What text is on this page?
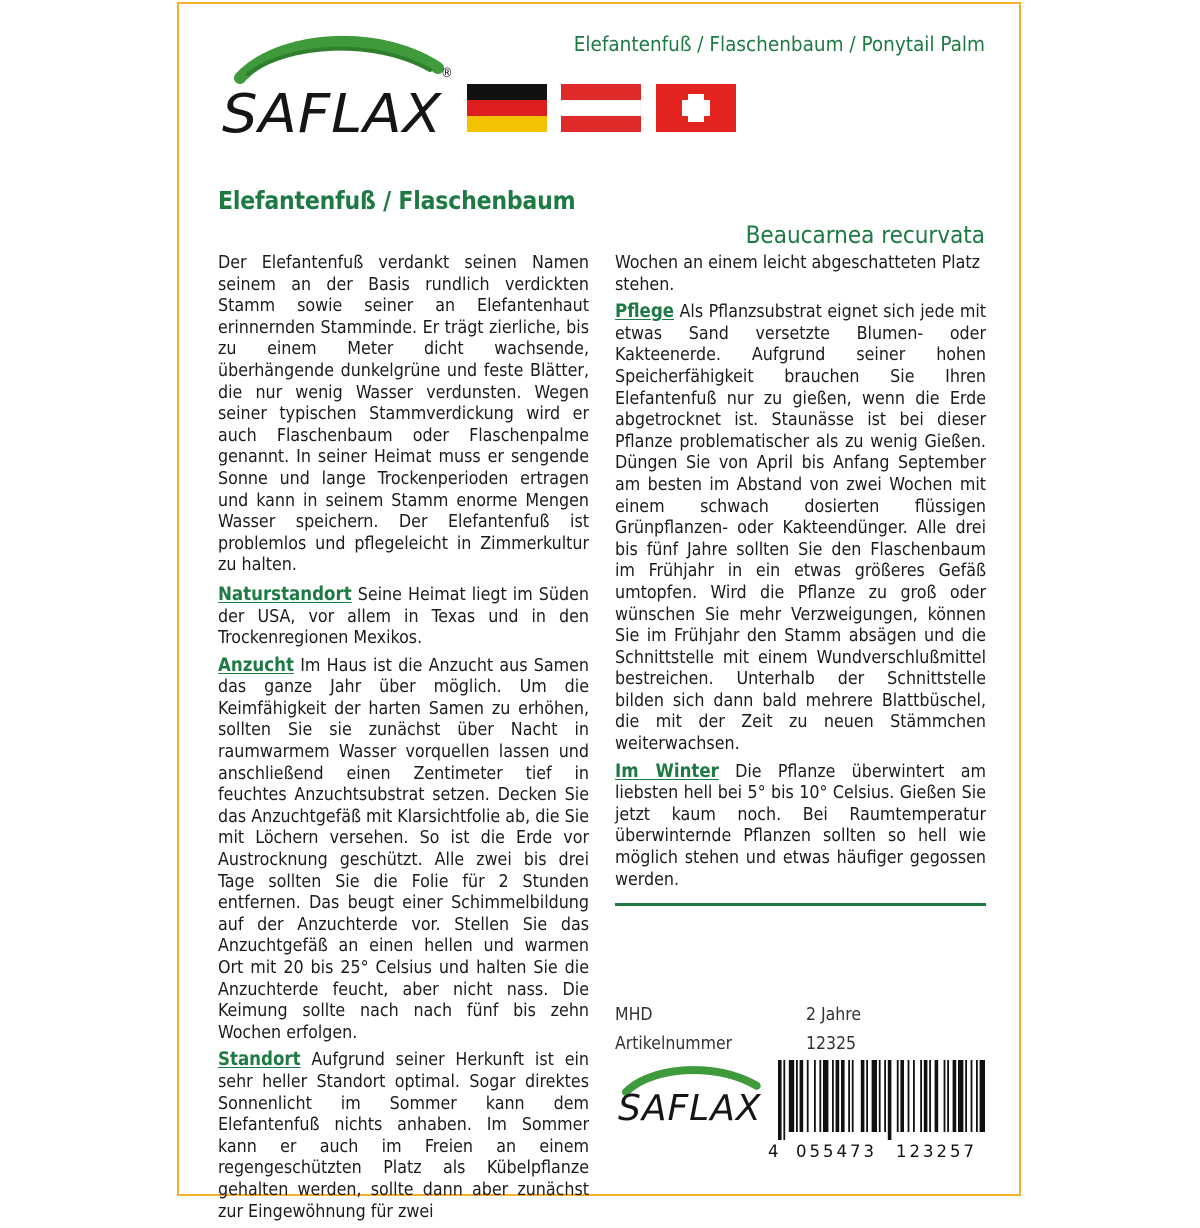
Elefantenfuß / Flaschenbaum / Ponytail Palm
SAFLAX
®
Elefantenfuß / Flaschenbaum
Beaucarnea recurvata

Der Elefantenfuß verdankt seinen Namen seinem an der Basis rundlich verdickten Stamm sowie seiner an Elefantenhaut erinnernden Stamminde. Er trägt zierliche, bis zu einem Meter dicht wachsende, überhängende dunkelgrüne und feste Blätter, die nur wenig Wasser verdunsten. Wegen seiner typischen Stammverdickung wird er auch Flaschenbaum oder Flaschenpalme genannt. In seiner Heimat muss er sengende Sonne und lange Trockenperioden ertragen und kann in seinem Stamm enorme Mengen Wasser speichern. Der Elefantenfuß ist problemlos und pflegeleicht in Zimmerkultur zu halten.

Naturstandort Seine Heimat liegt im Süden der USA, vor allem in Texas und in den Trockenregionen Mexikos.

Anzucht Im Haus ist die Anzucht aus Samen das ganze Jahr über möglich. Um die Keimfähigkeit der harten Samen zu erhöhen, sollten Sie sie zunächst über Nacht in raumwarmem Wasser vorquellen lassen und anschließend einen Zentimeter tief in feuchtes Anzuchtsubstrat setzen. Decken Sie das Anzuchtgefäß mit Klarsichtfolie ab, die Sie mit Löchern versehen. So ist die Erde vor Austrocknung geschützt. Alle zwei bis drei Tage sollten Sie die Folie für 2 Stunden entfernen. Das beugt einer Schimmelbildung auf der Anzuchterde vor. Stellen Sie das Anzuchtgefäß an einen hellen und warmen Ort mit 20 bis 25° Celsius und halten Sie die Anzuchterde feucht, aber nicht nass. Die Keimung sollte nach nach fünf bis zehn Wochen erfolgen.

Standort Aufgrund seiner Herkunft ist ein sehr heller Standort optimal. Sogar direktes Sonnenlicht im Sommer kann dem Elefantenfuß nichts anhaben. Im Sommer kann er auch im Freien an einem regengeschützten Platz als Kübelpflanze gehalten werden, sollte dann aber zunächst zur Eingewöhnung für zwei

Wochen an einem leicht abgeschatteten Platz stehen.

Pflege Als Pflanzsubstrat eignet sich jede mit etwas Sand versetzte Blumen- oder Kakteenerde. Aufgrund seiner hohen Speicherfähigkeit brauchen Sie Ihren Elefantenfuß nur zu gießen, wenn die Erde abgetrocknet ist. Staunässe ist bei dieser Pflanze problematischer als zu wenig Gießen. Düngen Sie von April bis Anfang September am besten im Abstand von zwei Wochen mit einem schwach dosierten flüssigen Grünpflanzen- oder Kakteendünger. Alle drei bis fünf Jahre sollten Sie den Flaschenbaum im Frühjahr in ein etwas größeres Gefäß umtopfen. Wird die Pflanze zu groß oder wünschen Sie mehr Verzweigungen, können Sie im Frühjahr den Stamm absägen und die Schnittstelle mit einem Wundverschlußmittel bestreichen. Unterhalb der Schnittstelle bilden sich dann bald mehrere Blattbüschel, die mit der Zeit zu neuen Stämmchen weiterwachsen.

Im Winter Die Pflanze überwintert am liebsten hell bei 5° bis 10° Celsius. Gießen Sie jetzt kaum noch. Bei Raumtemperatur überwinternde Pflanzen sollten so hell wie möglich stehen und etwas häufiger gegossen werden.

MHD	2 Jahre
Artikelnummer	12325
SAFLAX
4 055473 123257
